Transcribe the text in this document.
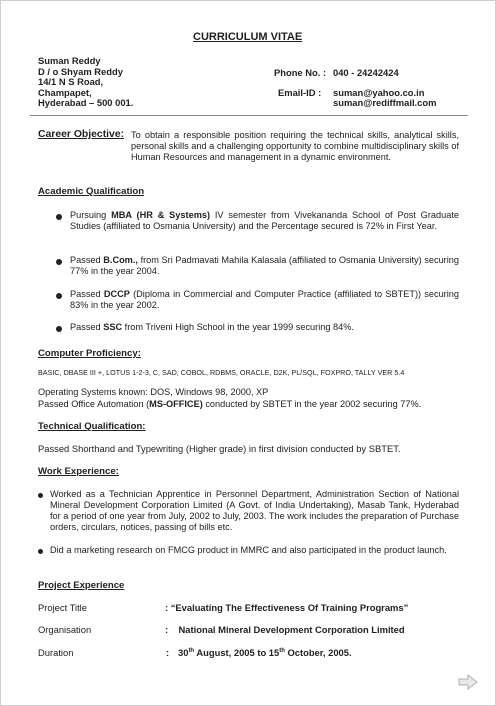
CURRICULUM VITAE
Suman Reddy
D / o Shyam Reddy
14/1 N S Road,
Champapet,
Hyderabad – 500 001.
Phone No. : 040 - 24242424
Email-ID : suman@yahoo.co.in
suman@rediffmail.com
Career Objective: To obtain a responsible position requiring the technical skills, analytical skills, personal skills and a challenging opportunity to combine multidisciplinary skills of Human Resources and management in a dynamic environment.
Academic Qualification
Pursuing MBA (HR & Systems) IV semester from Vivekananda School of Post Graduate Studies (affiliated to Osmania University) and the Percentage secured is 72% in First Year.
Passed B.Com., from Sri Padmavati Mahila Kalasala (affiliated to Osmania University) securing 77% in the year 2004.
Passed DCCP (Diploma in Commercial and Computer Practice (affiliated to SBTET)) securing 83% in the year 2002.
Passed SSC from Triveni High School in the year 1999 securing 84%.
Computer Proficiency:
BASIC, DBASE III +, LOTUS 1-2-3, C, SAD, COBOL, RDBMS, ORACLE, D2K, PL/SQL, FOXPRO, TALLY VER 5.4
Operating Systems known: DOS, Windows 98, 2000, XP
Passed Office Automation (MS-OFFICE) conducted by SBTET in the year 2002 securing 77%.
Technical Qualification:
Passed Shorthand and Typewriting (Higher grade) in first division conducted by SBTET.
Work Experience:
Worked as a Technician Apprentice in Personnel Department, Administration Section of National Mineral Development Corporation Limited (A Govt. of India Undertaking), Masab Tank, Hyderabad for a period of one year from July, 2002 to July, 2003. The work includes the preparation of Purchase orders, circulars, notices, passing of bills etc.
Did a marketing research on FMCG product in MMRC and also participated in the product launch.
Project Experience
Project Title	: “Evaluating The Effectiveness Of Training Programs”
Organisation	:    National Mineral Development Corporation Limited
Duration	: 30th August, 2005 to 15th October, 2005.
